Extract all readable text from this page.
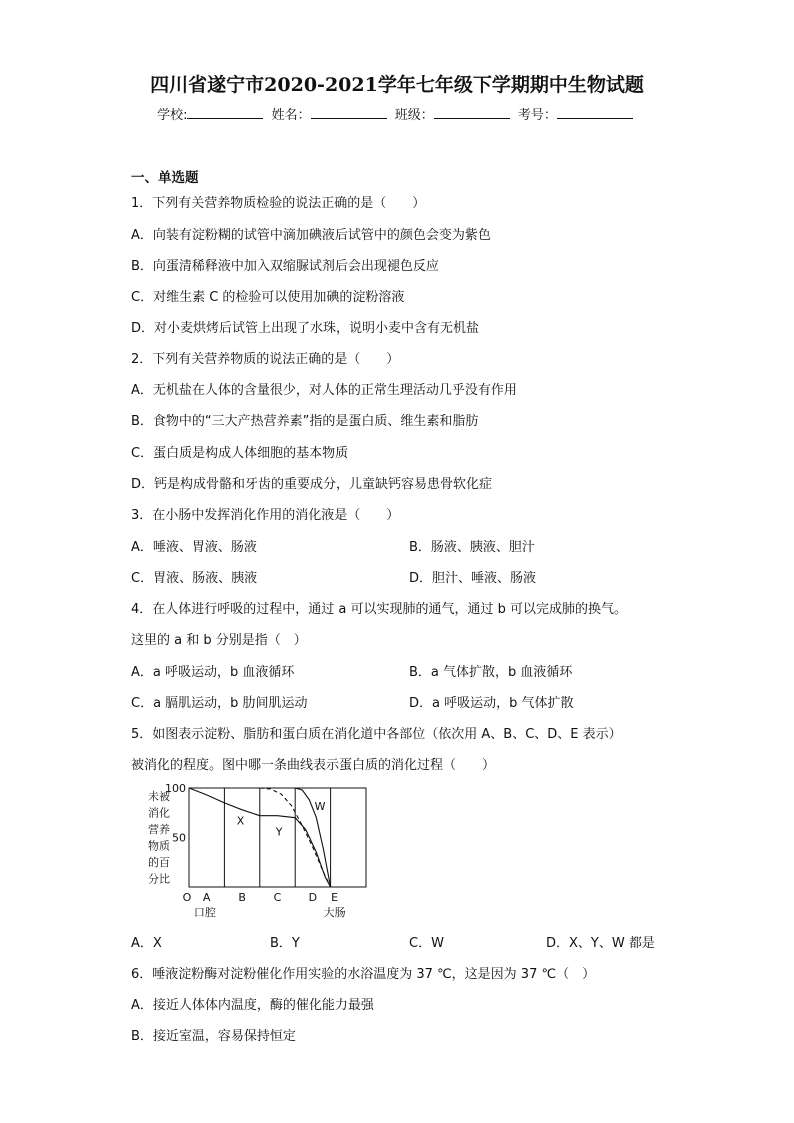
四川省遂宁市2020-2021学年七年级下学期期中生物试题
学校:	姓名：	班级：	考号：
一、单选题
1．下列有关营养物质检验的说法正确的是（　　）
A．向装有淀粉糊的试管中滴加碘液后试管中的颜色会变为紫色
B．向蛋清稀释液中加入双缩脲试剂后会出现褪色反应
C．对维生素 C 的检验可以使用加碘的淀粉溶液
D．对小麦烘烤后试管上出现了水珠，说明小麦中含有无机盐
2．下列有关营养物质的说法正确的是（　　）
A．无机盐在人体的含量很少，对人体的正常生理活动几乎没有作用
B．食物中的“三大产热营养素”指的是蛋白质、维生素和脂肪
C．蛋白质是构成人体细胞的基本物质
D．钙是构成骨骼和牙齿的重要成分，儿童缺钙容易患骨软化症
3．在小肠中发挥消化作用的消化液是（　　）
A．唾液、胃液、肠液	B．肠液、胰液、胆汁
C．胃液、肠液、胰液	D．胆汁、唾液、肠液
4．在人体进行呼吸的过程中，通过 a 可以实现肺的通气，通过 b 可以完成肺的换气。
这里的 a 和 b 分别是指（　）
A．a 呼吸运动，b 血液循环	B．a 气体扩散，b 血液循环
C．a 膈肌运动，b 肋间肌运动	D．a 呼吸运动，b 气体扩散
5．如图表示淀粉、脂肪和蛋白质在消化道中各部位（依次用 A、B、C、D、E 表示）
被消化的程度。图中哪一条曲线表示蛋白质的消化过程（　　）
未被
消化
营养
物质
的百
分比
100
50
X
Y
W
O A
口腔
B	C D E
大肠
A．X	B．Y	C．W	D．X、Y、W 都是
6．唾液淀粉酶对淀粉催化作用实验的水浴温度为 37 ℃，这是因为 37 ℃（　）
A．接近人体体内温度，酶的催化能力最强
B．接近室温，容易保持恒定
